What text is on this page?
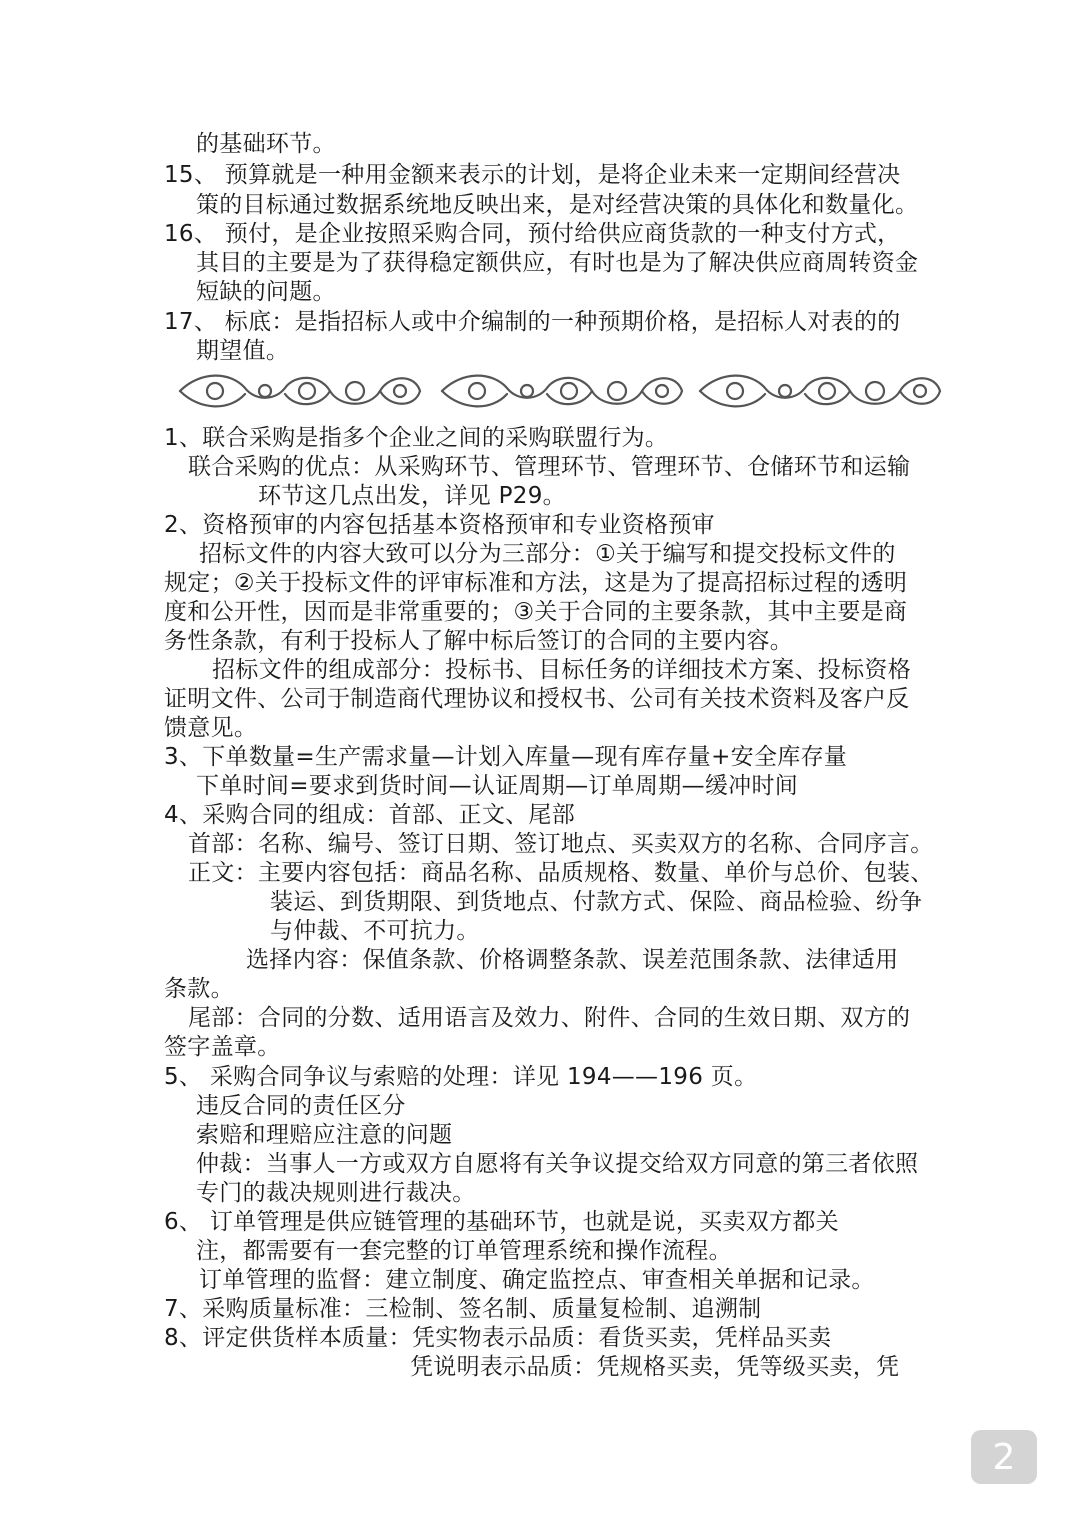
的基础环节。
15、 预算就是一种用金额来表示的计划，是将企业未来一定期间经营决
策的目标通过数据系统地反映出来，是对经营决策的具体化和数量化。
16、 预付，是企业按照采购合同，预付给供应商货款的一种支付方式，
其目的主要是为了获得稳定额供应，有时也是为了解决供应商周转资金
短缺的问题。
17、 标底：是指招标人或中介编制的一种预期价格，是招标人对表的的
期望值。
1、联合采购是指多个企业之间的采购联盟行为。
联合采购的优点：从采购环节、管理环节、管理环节、仓储环节和运输
环节这几点出发，详见 P29。
2、资格预审的内容包括基本资格预审和专业资格预审
招标文件的内容大致可以分为三部分：①关于编写和提交投标文件的
规定；②关于投标文件的评审标准和方法，这是为了提高招标过程的透明
度和公开性，因而是非常重要的；③关于合同的主要条款，其中主要是商
务性条款，有利于投标人了解中标后签订的合同的主要内容。
招标文件的组成部分：投标书、目标任务的详细技术方案、投标资格
证明文件、公司于制造商代理协议和授权书、公司有关技术资料及客户反
馈意见。
3、下单数量=生产需求量—计划入库量—现有库存量+安全库存量
下单时间=要求到货时间—认证周期—订单周期—缓冲时间
4、采购合同的组成：首部、正文、尾部
首部：名称、编号、签订日期、签订地点、买卖双方的名称、合同序言。
正文：主要内容包括：商品名称、品质规格、数量、单价与总价、包装、
装运、到货期限、到货地点、付款方式、保险、商品检验、纷争
与仲裁、不可抗力。
选择内容：保值条款、价格调整条款、误差范围条款、法律适用
条款。
尾部：合同的分数、适用语言及效力、附件、合同的生效日期、双方的
签字盖章。
5、 采购合同争议与索赔的处理：详见 194——196 页。
违反合同的责任区分
索赔和理赔应注意的问题
仲裁：当事人一方或双方自愿将有关争议提交给双方同意的第三者依照
专门的裁决规则进行裁决。
6、 订单管理是供应链管理的基础环节，也就是说，买卖双方都关
注，都需要有一套完整的订单管理系统和操作流程。
订单管理的监督：建立制度、确定监控点、审查相关单据和记录。
7、采购质量标准：三检制、签名制、质量复检制、追溯制
8、评定供货样本质量：凭实物表示品质：看货买卖，凭样品买卖
凭说明表示品质：凭规格买卖，凭等级买卖，凭
2
